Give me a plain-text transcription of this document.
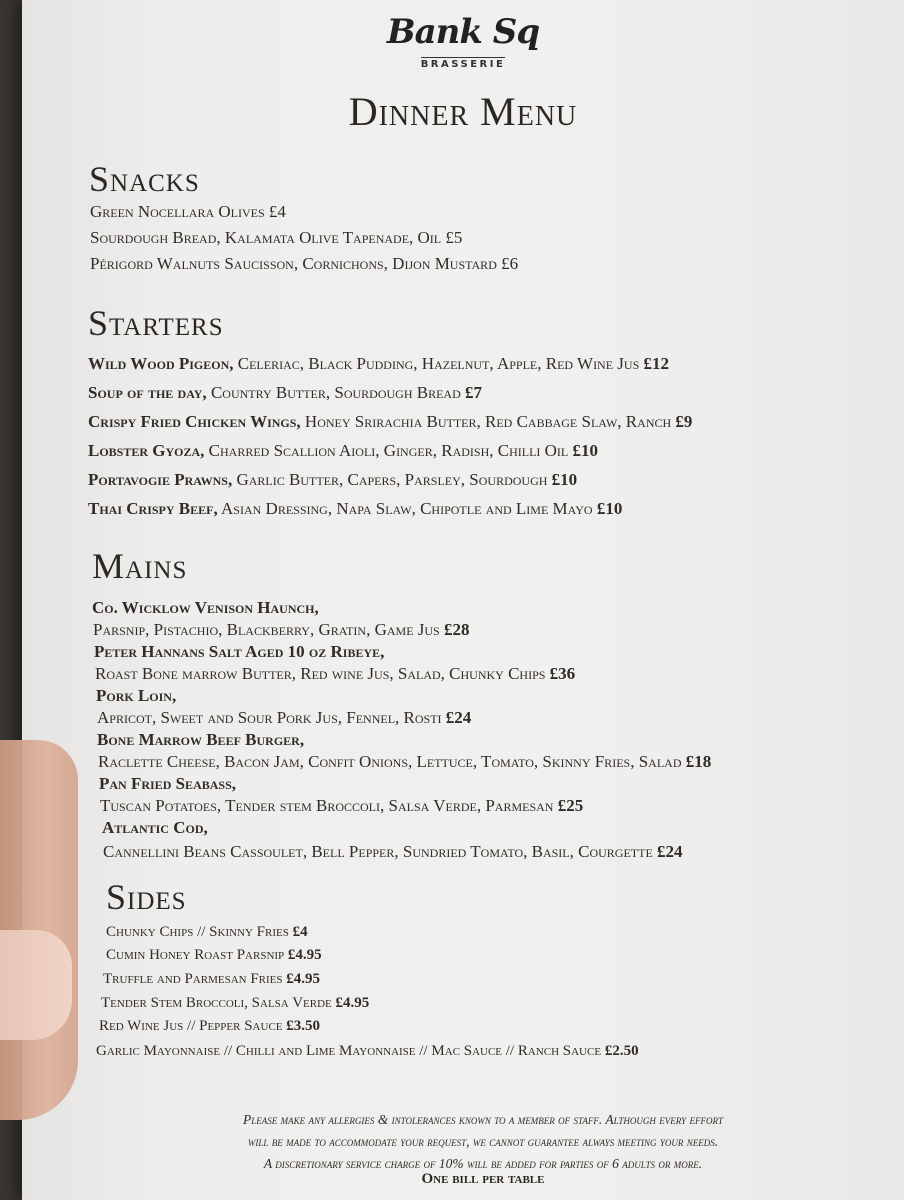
Bank Sq
BRASSERIE
Dinner Menu
Snacks
Green Nocellara Olives £4
Sourdough Bread, Kalamata Olive Tapenade, Oil £5
Périgord Walnuts Saucisson, Cornichons, Dijon Mustard £6
Starters
Wild Wood Pigeon, Celeriac, Black Pudding, Hazelnut, Apple, Red Wine Jus £12
Soup of the day, Country Butter, Sourdough Bread £7
Crispy Fried Chicken Wings, Honey Srirachia Butter, Red Cabbage Slaw, Ranch £9
Lobster Gyoza, Charred Scallion Aioli, Ginger, Radish, Chilli Oil £10
Portavogie Prawns, Garlic Butter, Capers, Parsley, Sourdough £10
Thai Crispy Beef, Asian Dressing, Napa Slaw, Chipotle and Lime Mayo £10
Mains
Co. Wicklow Venison Haunch,
Parsnip, Pistachio, Blackberry, Gratin, Game Jus £28
Peter Hannans Salt Aged 10 oz Ribeye,
Roast Bone marrow Butter, Red wine Jus, Salad, Chunky Chips £36
Pork Loin,
Apricot, Sweet and Sour Pork Jus, Fennel, Rosti £24
Bone Marrow Beef Burger,
Raclette Cheese, Bacon Jam, Confit Onions, Lettuce, Tomato, Skinny Fries, Salad £18
Pan Fried Seabass,
Tuscan Potatoes, Tender stem Broccoli, Salsa Verde, Parmesan £25
Atlantic Cod,
Cannellini Beans Cassoulet, Bell Pepper, Sundried Tomato, Basil, Courgette £24
Sides
Chunky Chips // Skinny Fries £4
Cumin Honey Roast Parsnip £4.95
Truffle and Parmesan Fries £4.95
Tender Stem Broccoli, Salsa Verde £4.95
Red Wine Jus // Pepper Sauce £3.50
Garlic Mayonnaise // Chilli and Lime Mayonnaise // Mac Sauce // Ranch Sauce £2.50
Please make any allergies & intolerances known to a member of staff. Although every effort
will be made to accommodate your request, we cannot guarantee always meeting your needs.
A discretionary service charge of 10% will be added for parties of 6 adults or more.
One bill per table
